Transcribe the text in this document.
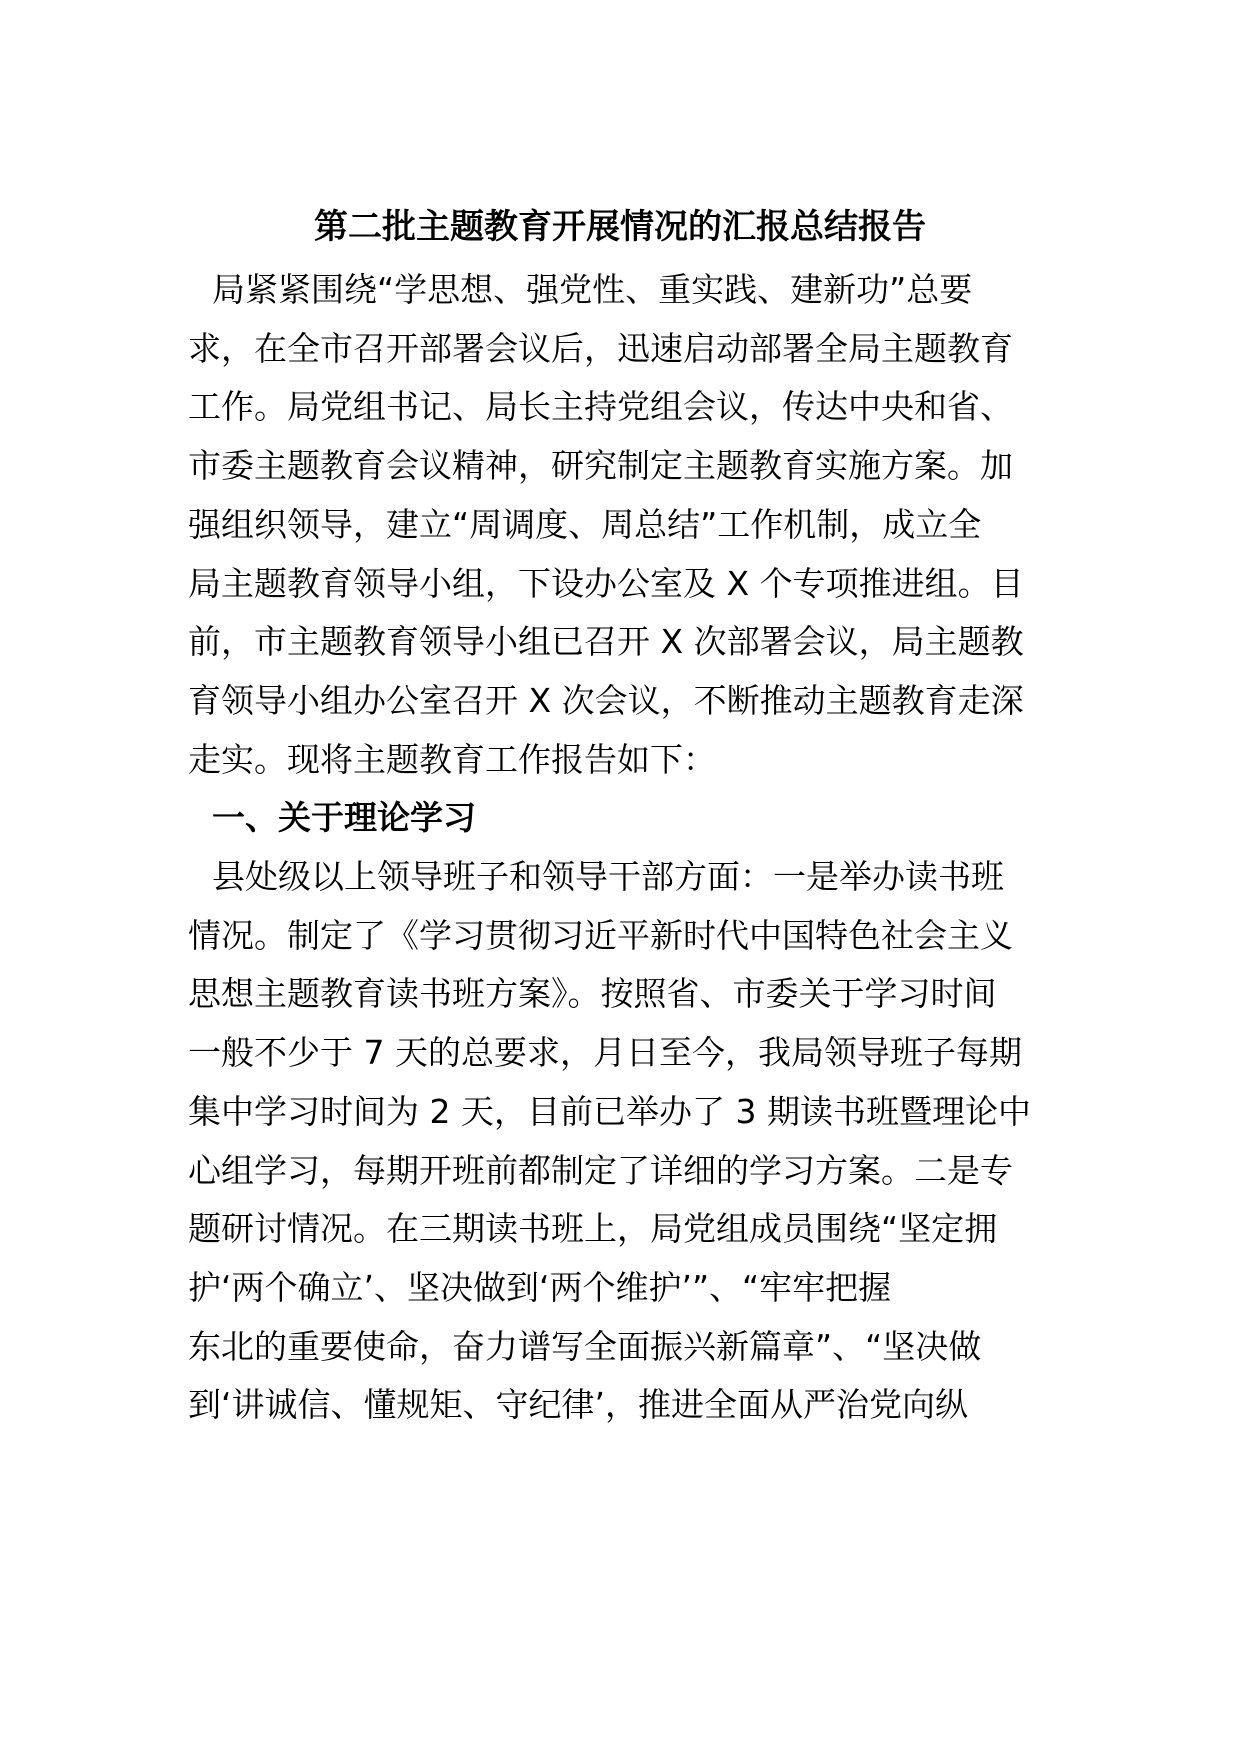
第二批主题教育开展情况的汇报总结报告
局紧紧围绕“学思想、强党性、重实践、建新功”总要
求，在全市召开部署会议后，迅速启动部署全局主题教育
工作。局党组书记、局长主持党组会议，传达中央和省、
市委主题教育会议精神，研究制定主题教育实施方案。加
强组织领导，建立“周调度、周总结”工作机制，成立全
局主题教育领导小组，下设办公室及 X 个专项推进组。目
前，市主题教育领导小组已召开 X 次部署会议，局主题教
育领导小组办公室召开 X 次会议，不断推动主题教育走深
走实。现将主题教育工作报告如下：
一、关于理论学习
县处级以上领导班子和领导干部方面：一是举办读书班
情况。制定了《学习贯彻习近平新时代中国特色社会主义
思想主题教育读书班方案》。按照省、市委关于学习时间
一般不少于 7 天的总要求，月日至今，我局领导班子每期
集中学习时间为 2 天，目前已举办了 3 期读书班暨理论中
心组学习，每期开班前都制定了详细的学习方案。二是专
题研讨情况。在三期读书班上，局党组成员围绕“坚定拥
护‘两个确立’、坚决做到‘两个维护’”、“牢牢把握
东北的重要使命，奋力谱写全面振兴新篇章”、“坚决做
到‘讲诚信、懂规矩、守纪律’，推进全面从严治党向纵
